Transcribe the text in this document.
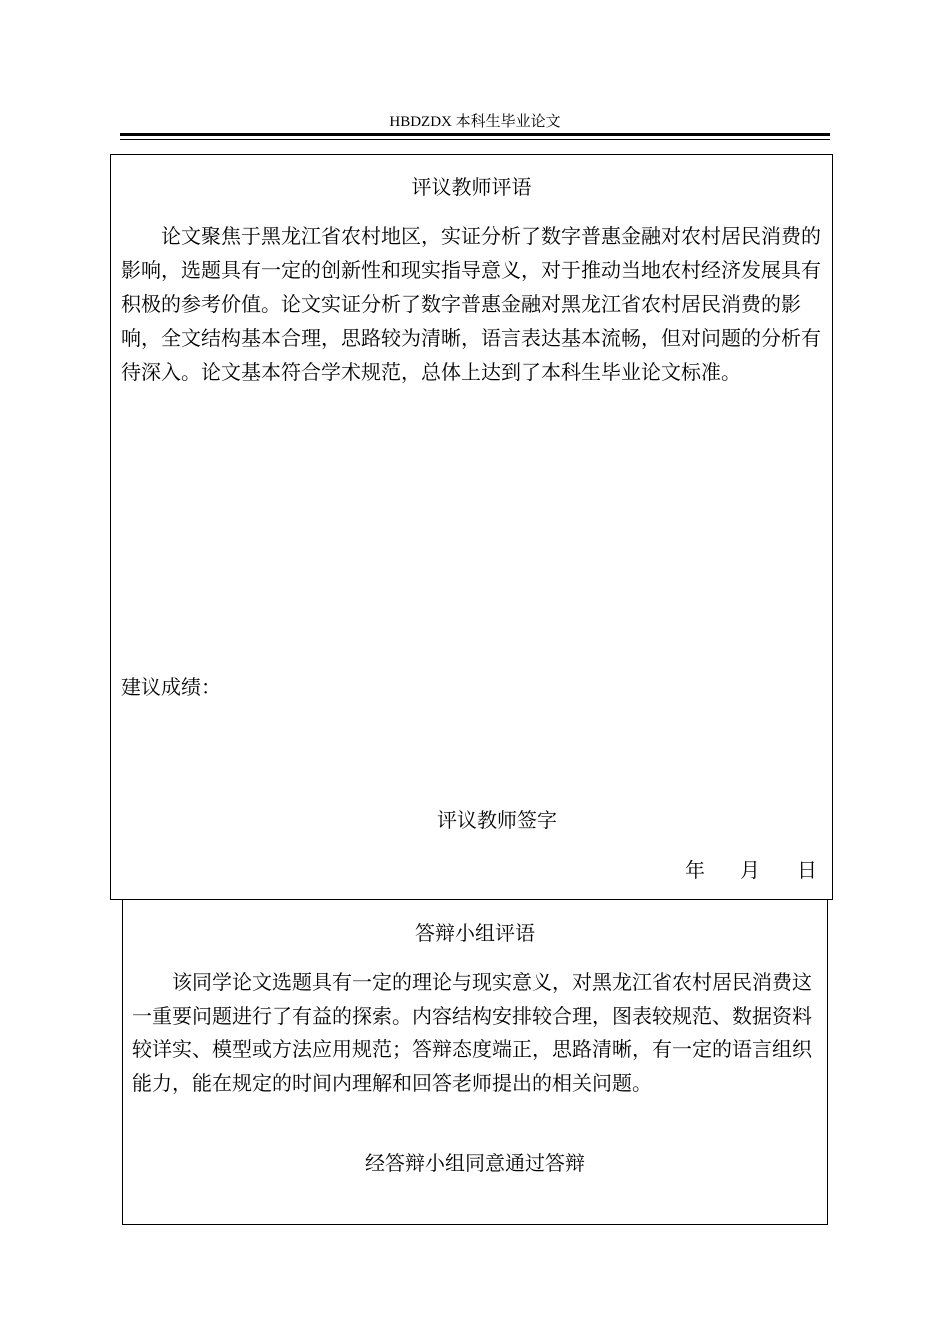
HBDZDX 本科生毕业论文
评议教师评语
论文聚焦于黑龙江省农村地区，实证分析了数字普惠金融对农村居民消费的影响，选题具有一定的创新性和现实指导意义，对于推动当地农村经济发展具有积极的参考价值。论文实证分析了数字普惠金融对黑龙江省农村居民消费的影响，全文结构基本合理，思路较为清晰，语言表达基本流畅，但对问题的分析有待深入。论文基本符合学术规范，总体上达到了本科生毕业论文标准。
建议成绩：
评议教师签字
年 月 日
答辩小组评语
该同学论文选题具有一定的理论与现实意义，对黑龙江省农村居民消费这一重要问题进行了有益的探索。内容结构安排较合理，图表较规范、数据资料较详实、模型或方法应用规范；答辩态度端正，思路清晰，有一定的语言组织能力，能在规定的时间内理解和回答老师提出的相关问题。
经答辩小组同意通过答辩
